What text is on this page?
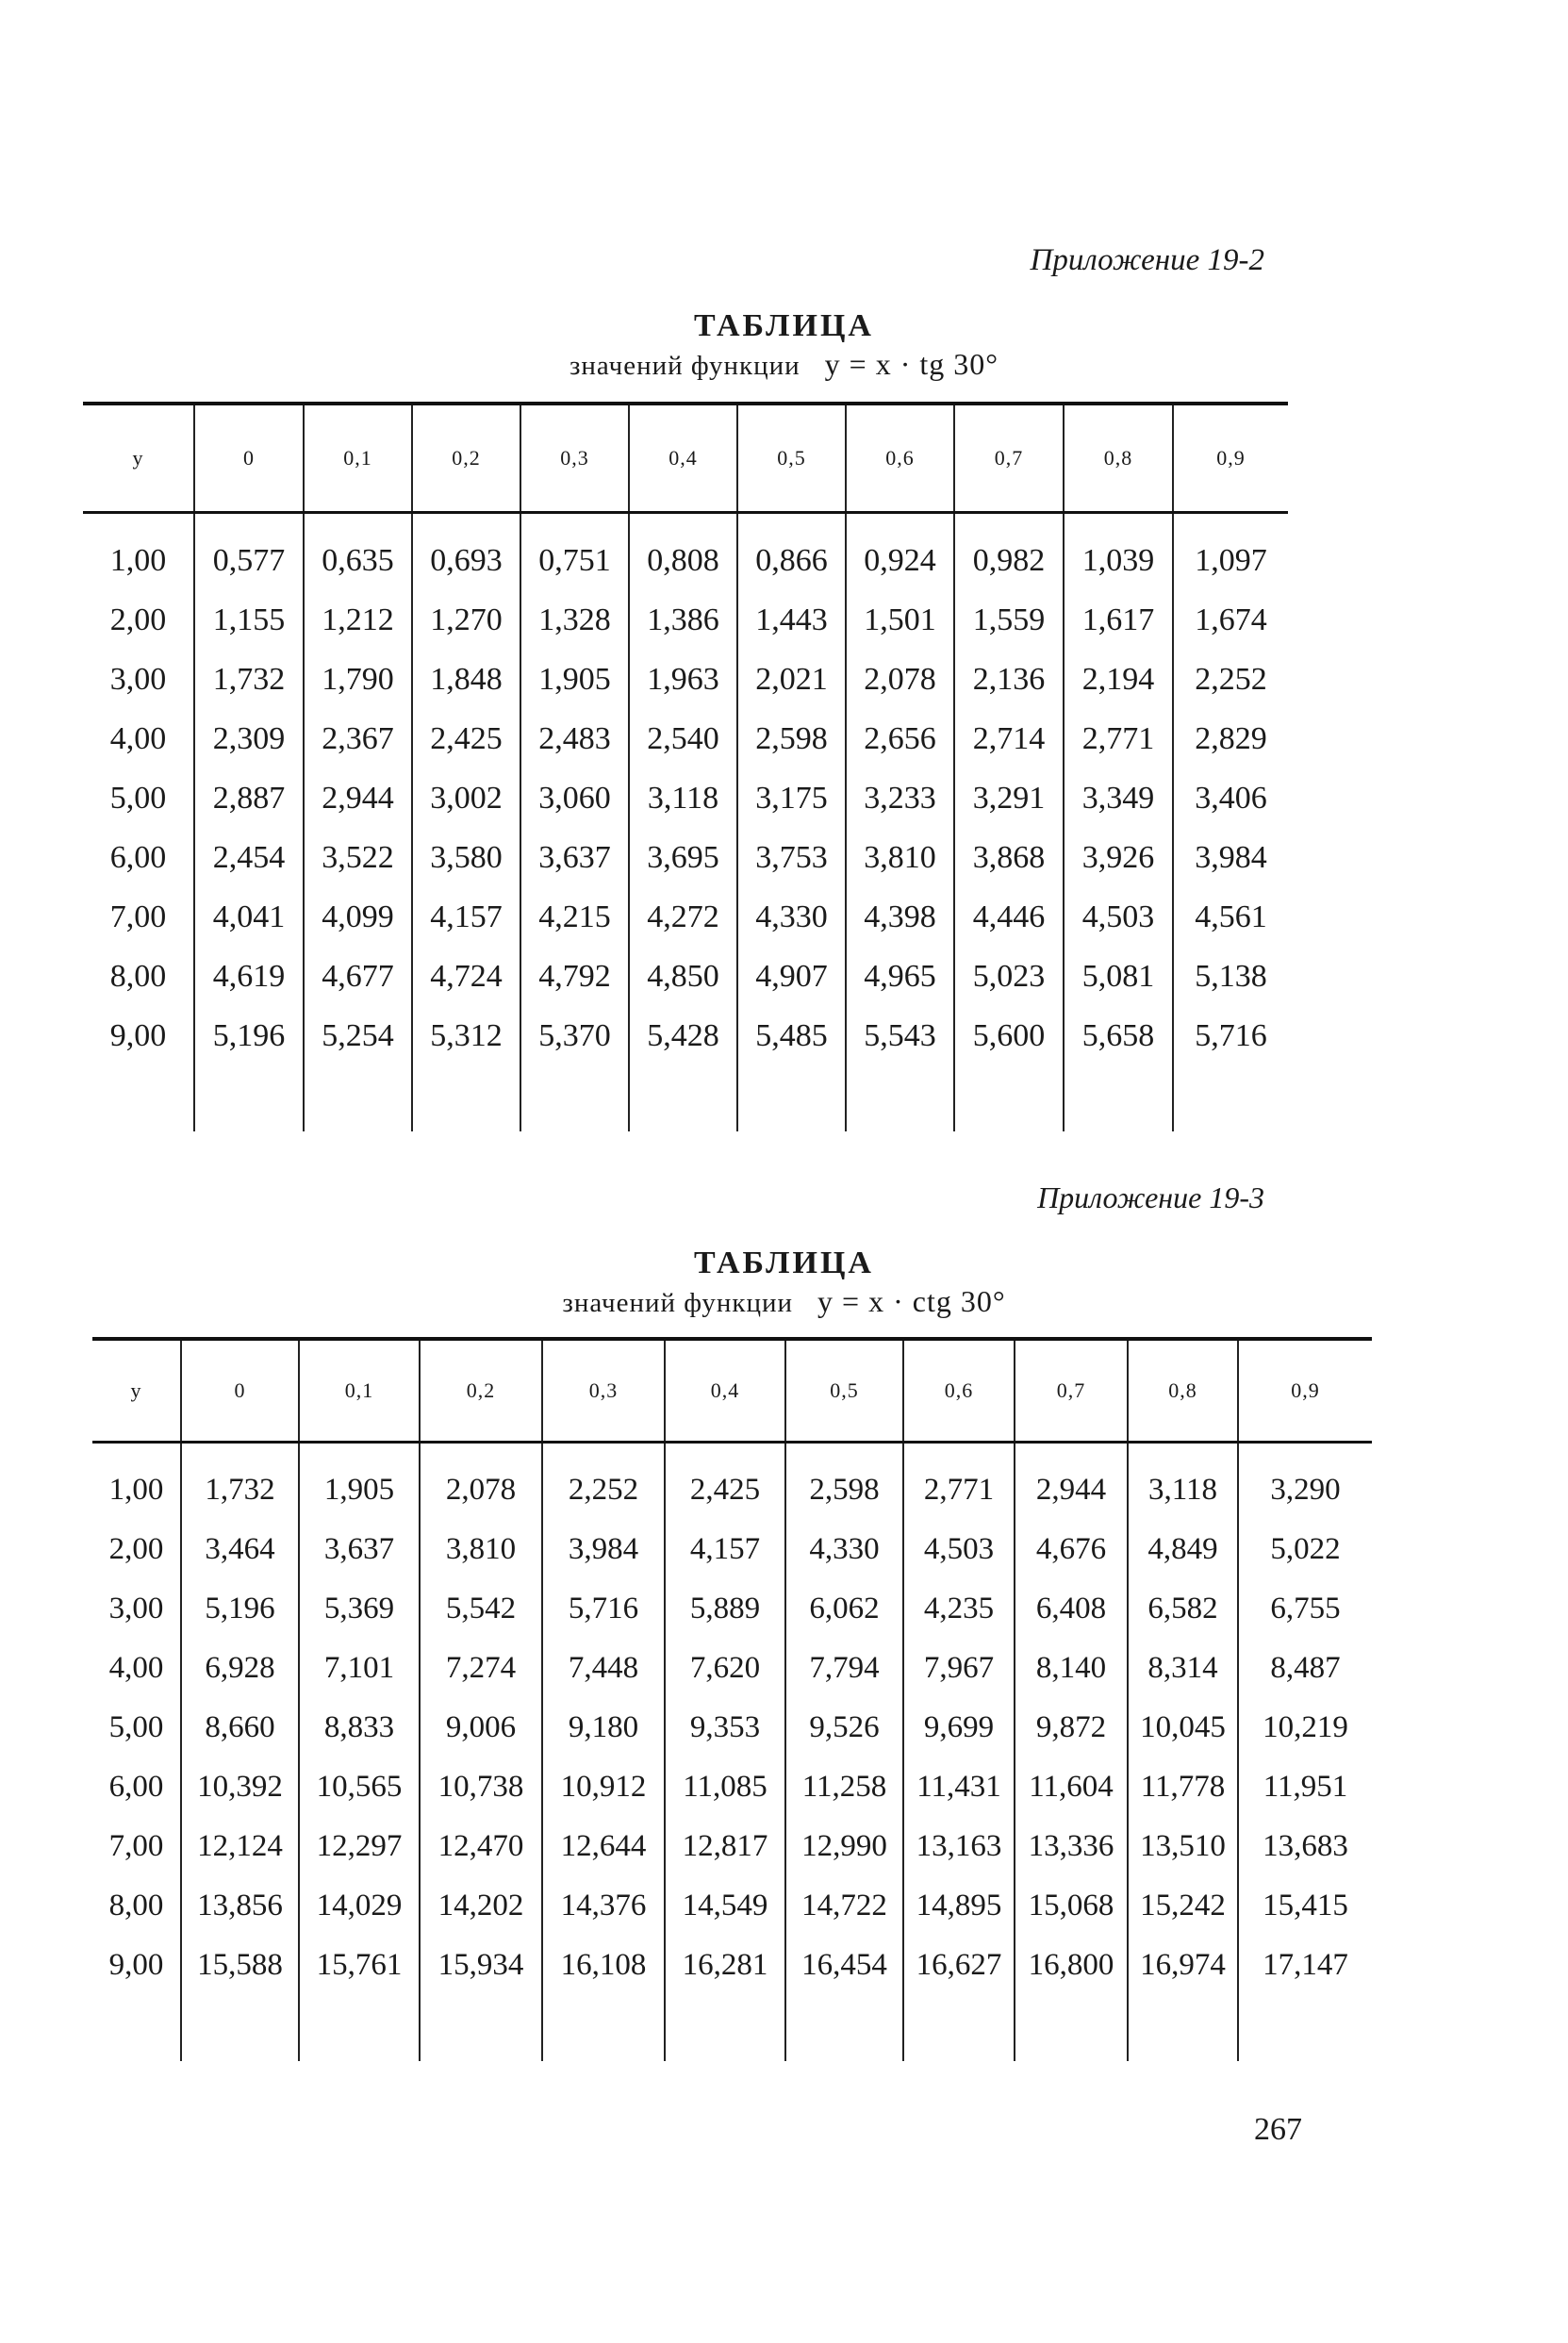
Приложение 19-2
ТАБЛИЦА
значений функции y = x · tg 30°
y	0	0,1	0,2	0,3	0,4	0,5	0,6	0,7	0,8	0,9

1,00	0,577	0,635	0,693	0,751	0,808	0,866	0,924	0,982	1,039	1,097
2,00	1,155	1,212	1,270	1,328	1,386	1,443	1,501	1,559	1,617	1,674
3,00	1,732	1,790	1,848	1,905	1,963	2,021	2,078	2,136	2,194	2,252
4,00	2,309	2,367	2,425	2,483	2,540	2,598	2,656	2,714	2,771	2,829
5,00	2,887	2,944	3,002	3,060	3,118	3,175	3,233	3,291	3,349	3,406
6,00	2,454	3,522	3,580	3,637	3,695	3,753	3,810	3,868	3,926	3,984
7,00	4,041	4,099	4,157	4,215	4,272	4,330	4,398	4,446	4,503	4,561
8,00	4,619	4,677	4,724	4,792	4,850	4,907	4,965	5,023	5,081	5,138
9,00	5,196	5,254	5,312	5,370	5,428	5,485	5,543	5,600	5,658	5,716

Приложение 19-3
ТАБЛИЦА
значений функции y = x · ctg 30°
y	0	0,1	0,2	0,3	0,4	0,5	0,6	0,7	0,8	0,9

1,00	1,732	1,905	2,078	2,252	2,425	2,598	2,771	2,944	3,118	3,290
2,00	3,464	3,637	3,810	3,984	4,157	4,330	4,503	4,676	4,849	5,022
3,00	5,196	5,369	5,542	5,716	5,889	6,062	4,235	6,408	6,582	6,755
4,00	6,928	7,101	7,274	7,448	7,620	7,794	7,967	8,140	8,314	8,487
5,00	8,660	8,833	9,006	9,180	9,353	9,526	9,699	9,872	10,045	10,219
6,00	10,392	10,565	10,738	10,912	11,085	11,258	11,431	11,604	11,778	11,951
7,00	12,124	12,297	12,470	12,644	12,817	12,990	13,163	13,336	13,510	13,683
8,00	13,856	14,029	14,202	14,376	14,549	14,722	14,895	15,068	15,242	15,415
9,00	15,588	15,761	15,934	16,108	16,281	16,454	16,627	16,800	16,974	17,147

267
